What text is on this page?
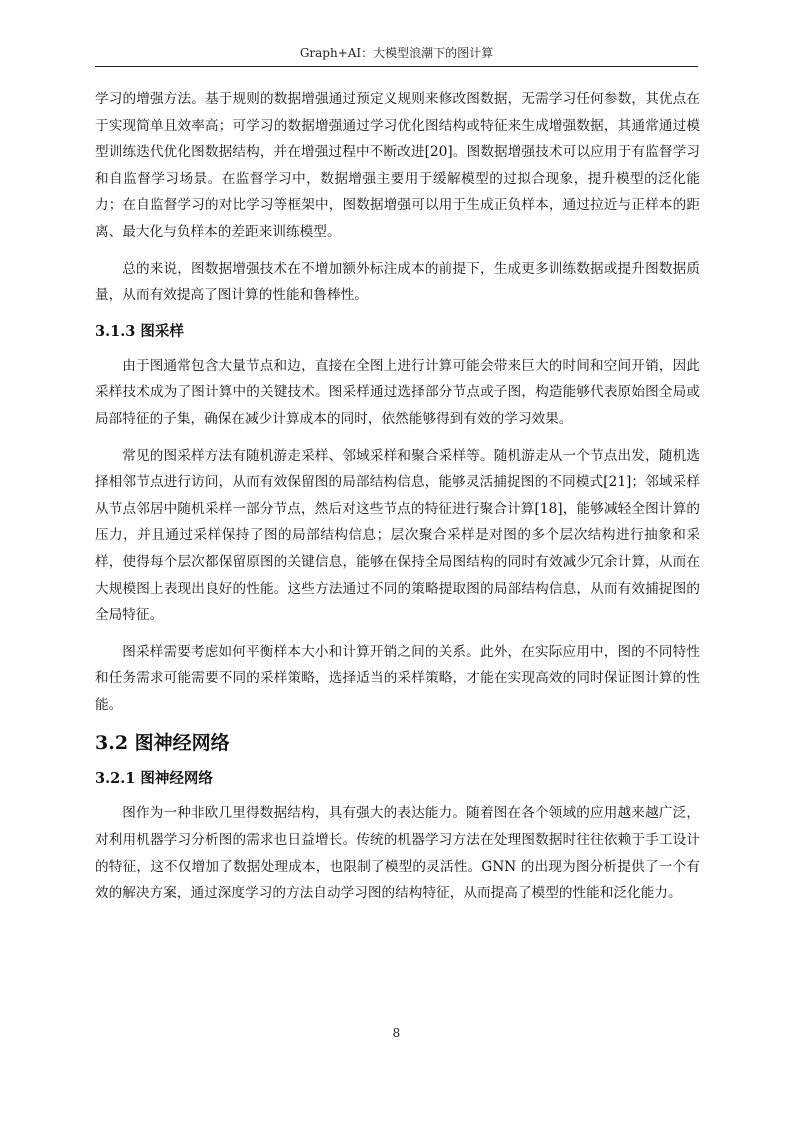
Graph+AI：大模型浪潮下的图计算

学习的增强方法。基于规则的数据增强通过预定义规则来修改图数据，无需学习任何参数，其优点在于实现简单且效率高；可学习的数据增强通过学习优化图结构或特征来生成增强数据，其通常通过模型训练迭代优化图数据结构，并在增强过程中不断改进[20]。图数据增强技术可以应用于有监督学习和自监督学习场景。在监督学习中，数据增强主要用于缓解模型的过拟合现象，提升模型的泛化能力；在自监督学习的对比学习等框架中，图数据增强可以用于生成正负样本，通过拉近与正样本的距离、最大化与负样本的差距来训练模型。

总的来说，图数据增强技术在不增加额外标注成本的前提下，生成更多训练数据或提升图数据质量，从而有效提高了图计算的性能和鲁棒性。

3.1.3 图采样

由于图通常包含大量节点和边，直接在全图上进行计算可能会带来巨大的时间和空间开销，因此采样技术成为了图计算中的关键技术。图采样通过选择部分节点或子图，构造能够代表原始图全局或局部特征的子集，确保在减少计算成本的同时，依然能够得到有效的学习效果。

常见的图采样方法有随机游走采样、邻域采样和聚合采样等。随机游走从一个节点出发，随机选择相邻节点进行访问，从而有效保留图的局部结构信息，能够灵活捕捉图的不同模式[21]；邻域采样从节点邻居中随机采样一部分节点，然后对这些节点的特征进行聚合计算[18]，能够减轻全图计算的压力，并且通过采样保持了图的局部结构信息；层次聚合采样是对图的多个层次结构进行抽象和采样，使得每个层次都保留原图的关键信息，能够在保持全局图结构的同时有效减少冗余计算，从而在大规模图上表现出良好的性能。这些方法通过不同的策略提取图的局部结构信息，从而有效捕捉图的全局特征。

图采样需要考虑如何平衡样本大小和计算开销之间的关系。此外，在实际应用中，图的不同特性和任务需求可能需要不同的采样策略，选择适当的采样策略，才能在实现高效的同时保证图计算的性能。

3.2 图神经网络
3.2.1 图神经网络

图作为一种非欧几里得数据结构，具有强大的表达能力。随着图在各个领域的应用越来越广泛，对利用机器学习分析图的需求也日益增长。传统的机器学习方法在处理图数据时往往依赖于手工设计的特征，这不仅增加了数据处理成本，也限制了模型的灵活性。GNN 的出现为图分析提供了一个有效的解决方案，通过深度学习的方法自动学习图的结构特征，从而提高了模型的性能和泛化能力。

8
